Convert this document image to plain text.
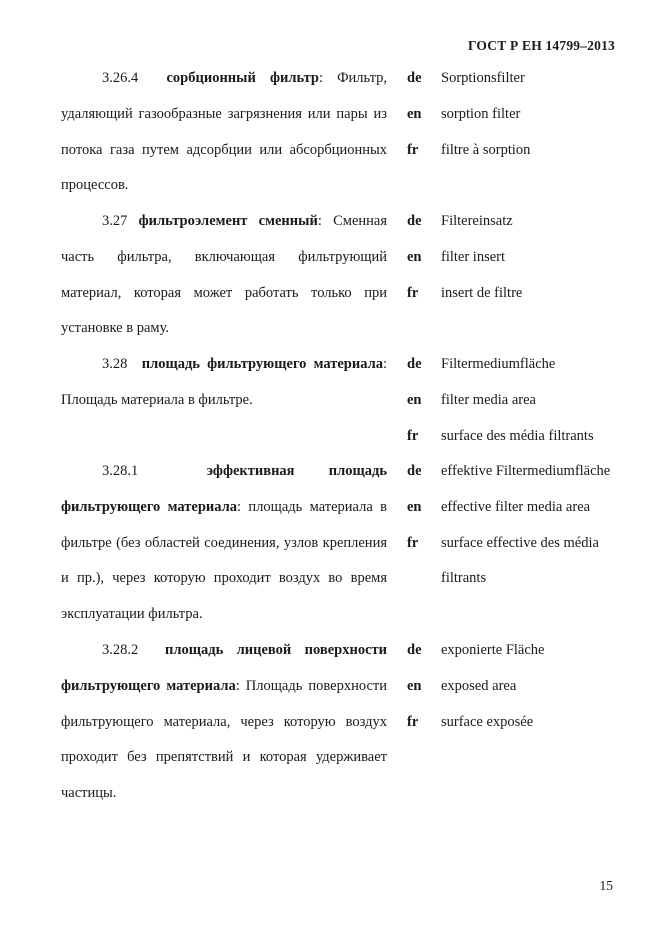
ГОСТ Р ЕН 14799–2013

3.26.4 сорбционный фильтр: Фильтр, удаляющий газообразные загрязнения или пары из потока газа путем адсорбции или абсорбционных процессов.

de	Sorptionsfilter
en	sorption filter
fr	filtre à sorption

3.27 фильтроэлемент сменный: Сменная часть фильтра, включающая фильтрующий материал, которая может работать только при установке в раму.

de	Filtereinsatz
en	filter insert
fr	insert de filtre

3.28 площадь фильтрующего материала: Площадь материала в фильтре.

de	Filtermediumfläche
en	filter media area
fr	surface des média filtrants

3.28.1	эффективная площадь фильтрующего материала: площадь материала в фильтре (без областей соединения, узлов крепления и пр.), через которую проходит воздух во время эксплуатации фильтра.

de	effektive Filtermediumfläche
en	effective filter media area
fr	surface effective des média filtrants

3.28.2 площадь лицевой поверхности фильтрующего материала: Площадь поверхности фильтрующего материала, через которую воздух проходит без препятствий и которая удерживает частицы.

de	exponierte Fläche
en	exposed area
fr	surface exposée
15
